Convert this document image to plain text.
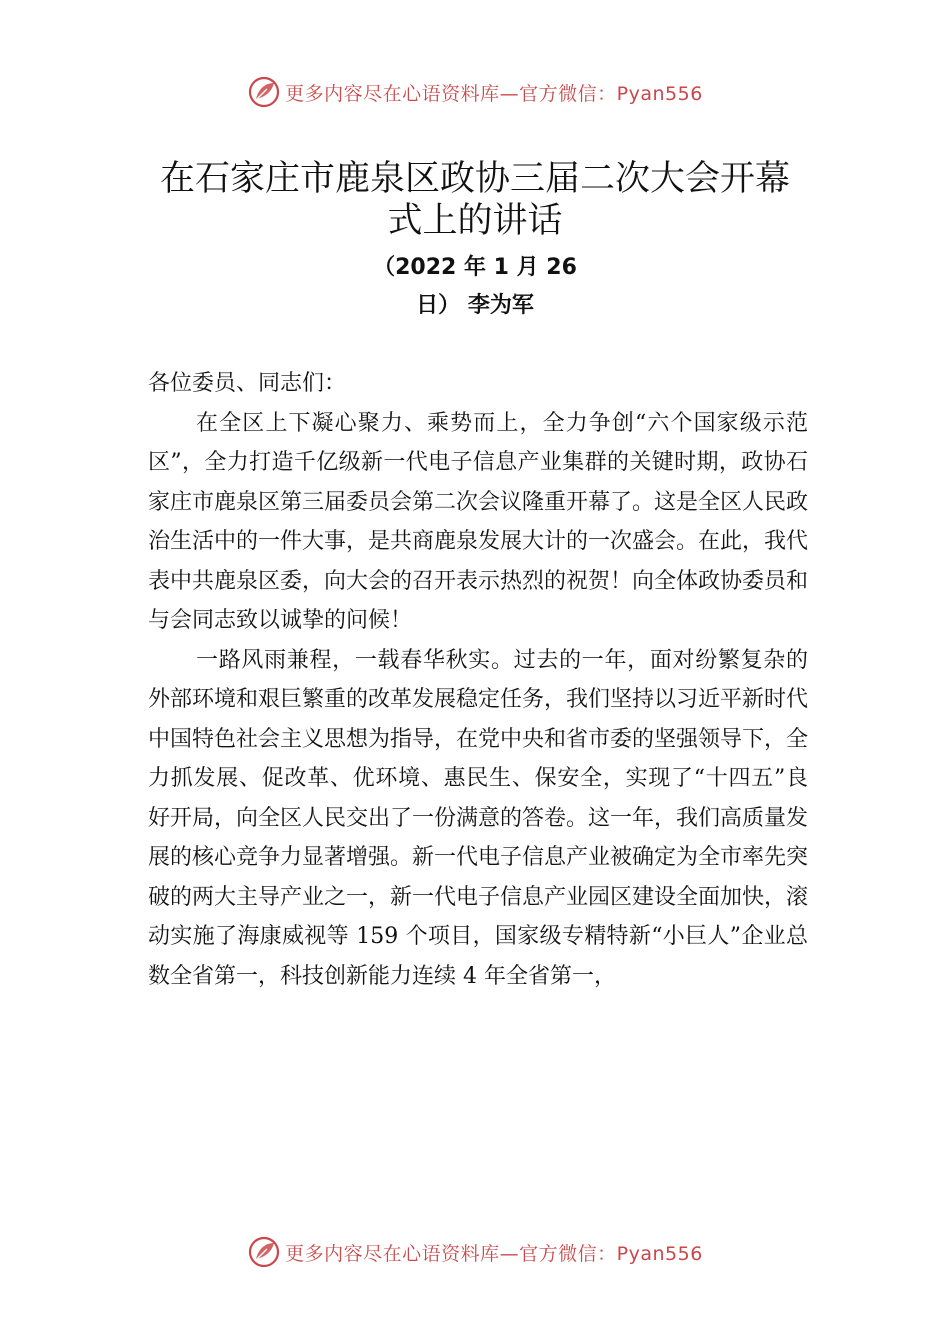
更多内容尽在心语资料库—官方微信：Pyan556
在石家庄市鹿泉区政协三届二次大会开幕
式上的讲话
（2022 年 1 月 26
日） 李为军

各位委员、同志们：

在全区上下凝心聚力、乘势而上，全力争创“六个国家级示范区”，全力打造千亿级新一代电子信息产业集群的关键时期，政协石家庄市鹿泉区第三届委员会第二次会议隆重开幕了。这是全区人民政治生活中的一件大事，是共商鹿泉发展大计的一次盛会。在此，我代表中共鹿泉区委，向大会的召开表示热烈的祝贺！向全体政协委员和与会同志致以诚挚的问候！

一路风雨兼程，一载春华秋实。过去的一年，面对纷繁复杂的外部环境和艰巨繁重的改革发展稳定任务，我们坚持以习近平新时代中国特色社会主义思想为指导，在党中央和省市委的坚强领导下，全力抓发展、促改革、优环境、惠民生、保安全，实现了“十四五”良好开局，向全区人民交出了一份满意的答卷。这一年，我们高质量发展的核心竞争力显著增强。新一代电子信息产业被确定为全市率先突破的两大主导产业之一，新一代电子信息产业园区建设全面加快，滚动实施了海康威视等 159 个项目，国家级专精特新“小巨人”企业总数全省第一，科技创新能力连续 4 年全省第一，

更多内容尽在心语资料库—官方微信：Pyan556
